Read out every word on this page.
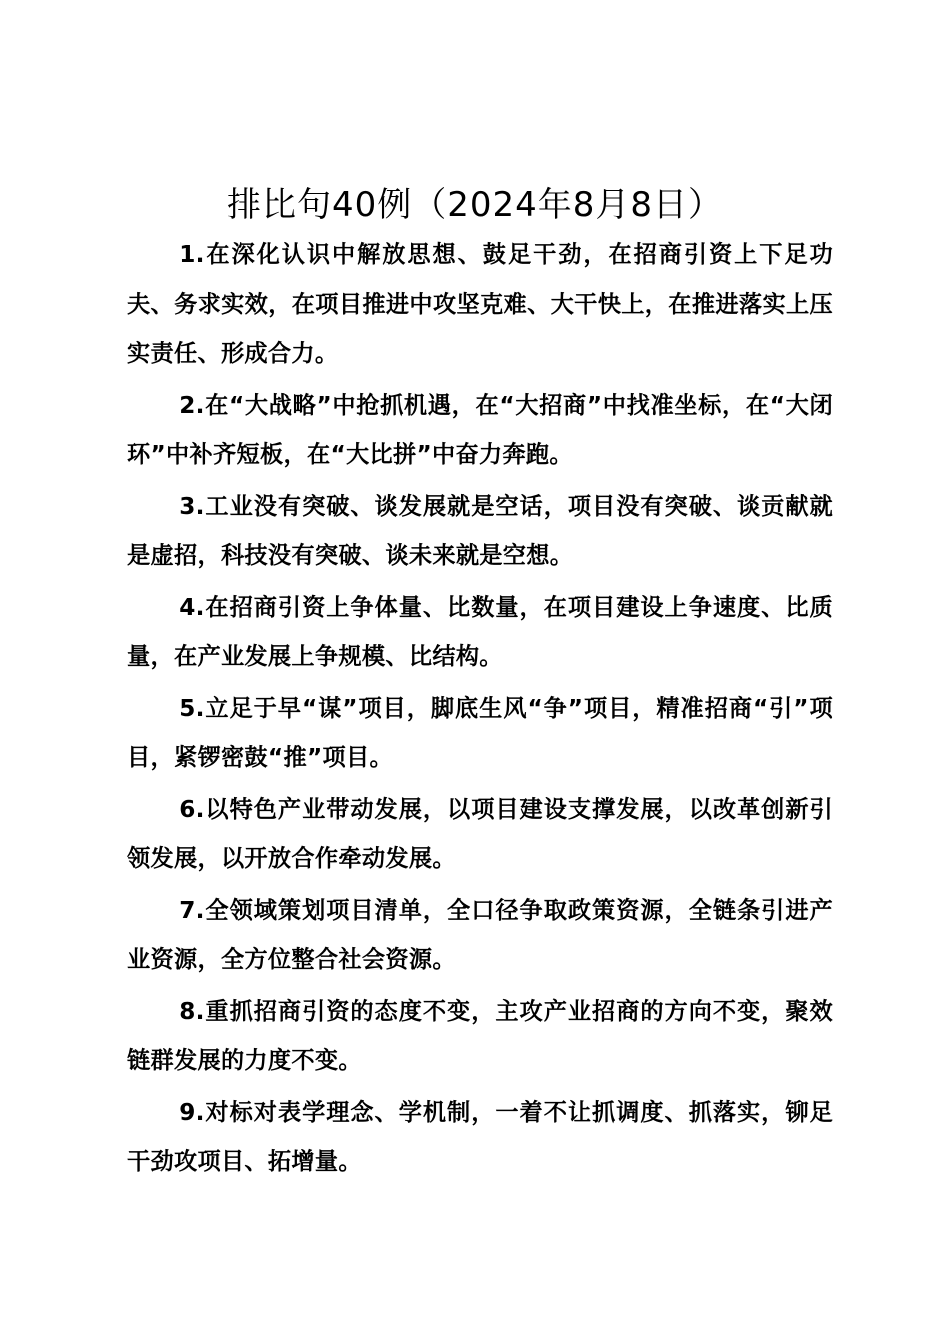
排比句40例（2024年8月8日）

1.在深化认识中解放思想、鼓足干劲，在招商引资上下足功夫、务求实效，在项目推进中攻坚克难、大干快上，在推进落实上压实责任、形成合力。

2.在“大战略”中抢抓机遇，在“大招商”中找准坐标，在“大闭环”中补齐短板，在“大比拼”中奋力奔跑。

3.工业没有突破、谈发展就是空话，项目没有突破、谈贡献就是虚招，科技没有突破、谈未来就是空想。

4.在招商引资上争体量、比数量，在项目建设上争速度、比质量，在产业发展上争规模、比结构。

5.立足于早“谋”项目，脚底生风“争”项目，精准招商“引”项目，紧锣密鼓“推”项目。

6.以特色产业带动发展，以项目建设支撑发展，以改革创新引领发展，以开放合作牵动发展。

7.全领域策划项目清单，全口径争取政策资源，全链条引进产业资源，全方位整合社会资源。

8.重抓招商引资的态度不变，主攻产业招商的方向不变，聚效链群发展的力度不变。

9.对标对表学理念、学机制，一着不让抓调度、抓落实，铆足干劲攻项目、拓增量。
